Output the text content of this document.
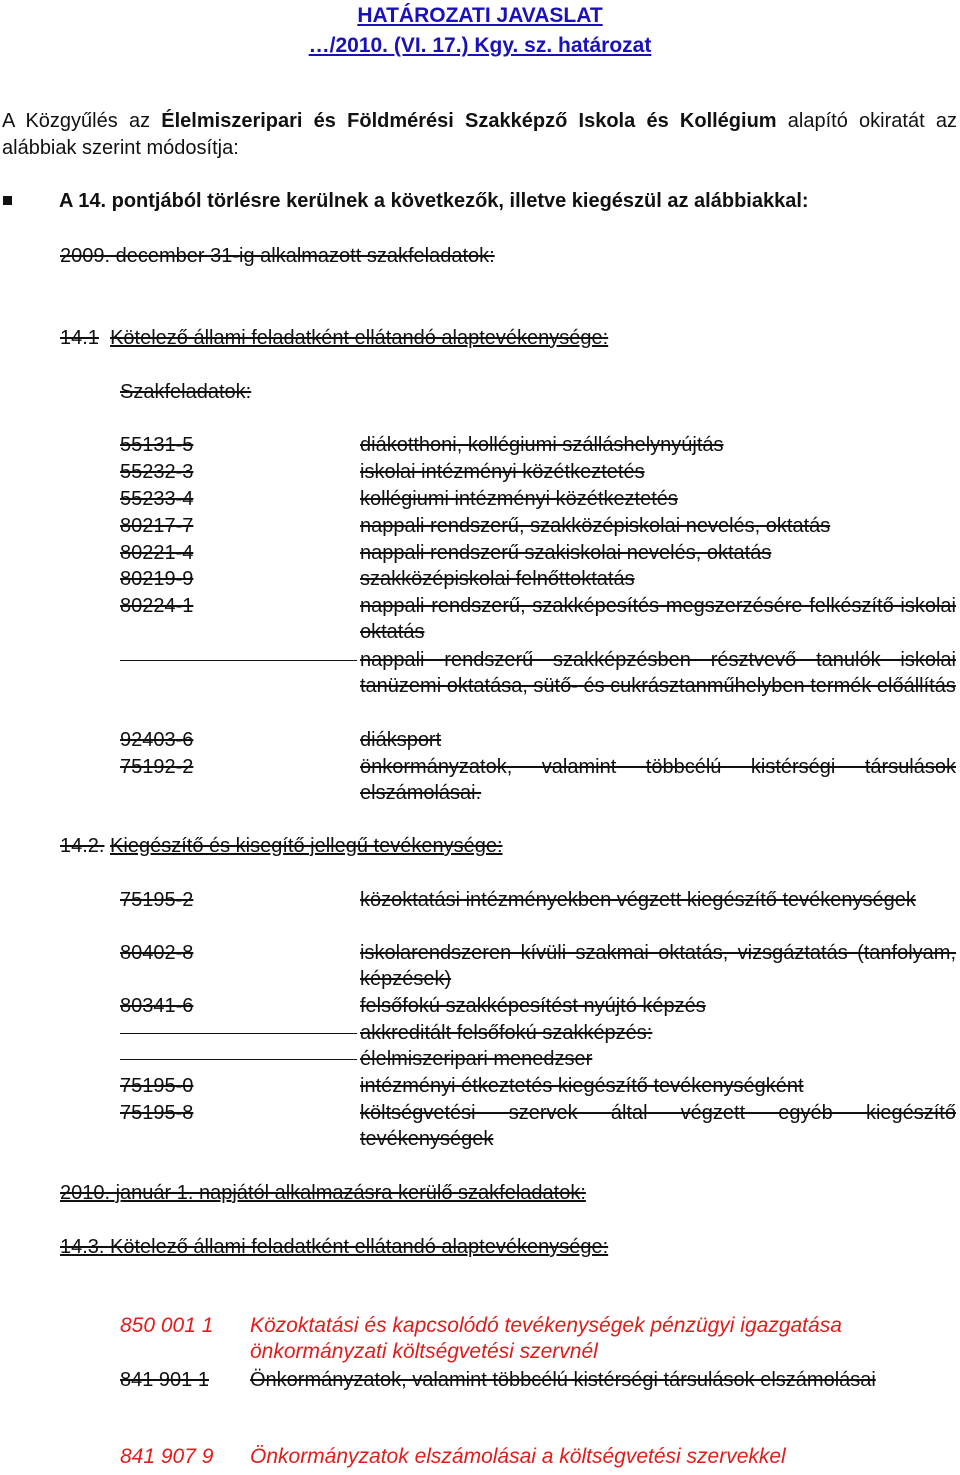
HATÁROZATI JAVASLAT
…/2010. (VI. 17.) Kgy. sz. határozat
A Közgyűlés az Élelmiszeripari és Földmérési Szakképző Iskola és Kollégium alapító okiratát az alábbiak szerint módosítja:
A 14. pontjából törlésre kerülnek a következők, illetve kiegészül az alábbiakkal:
2009. december 31-ig alkalmazott szakfeladatok:
14.1 Kötelező állami feladatként ellátandó alaptevékenysége:
Szakfeladatok:
55131-5	diákotthoni, kollégiumi szálláshelynyújtás
55232-3	iskolai intézményi közétkeztetés
55233-4	kollégiumi intézményi közétkeztetés
80217-7	nappali rendszerű, szakközépiskolai nevelés, oktatás
80221-4	nappali rendszerű szakiskolai nevelés, oktatás
80219-9	szakközépiskolai felnőttoktatás
80224-1	nappali rendszerű, szakképesítés megszerzésére felkészítő iskolai oktatás
nappali rendszerű szakképzésben résztvevő tanulók iskolai tanüzemi oktatása, sütő- és cukrásztanműhelyben termék előállítás
92403-6	diáksport
75192-2	önkormányzatok, valamint többcélú kistérségi társulások elszámolásai.
14.2. Kiegészítő és kisegítő jellegű tevékenysége:
75195-2	közoktatási intézményekben végzett kiegészítő tevékenységek
80402-8	iskolarendszeren kívüli szakmai oktatás, vizsgáztatás (tanfolyam, képzések)
80341-6	felsőfokú szakképesítést nyújtó képzés
akkreditált felsőfokú szakképzés:
élelmiszeripari menedzser
75195-0	intézményi étkeztetés kiegészítő tevékenységként
75195-8	költségvetési szervek által végzett egyéb kiegészítő tevékenységek
2010. január 1. napjától alkalmazásra kerülő szakfeladatok:
14.3. Kötelező állami feladatként ellátandó alaptevékenysége:
850 001 1 Közoktatási és kapcsolódó tevékenységek pénzügyi igazgatása önkormányzati költségvetési szervnél
841 901 1 Önkormányzatok, valamint többcélú kistérségi társulások elszámolásai
841 907 9 Önkormányzatok elszámolásai a költségvetési szervekkel
